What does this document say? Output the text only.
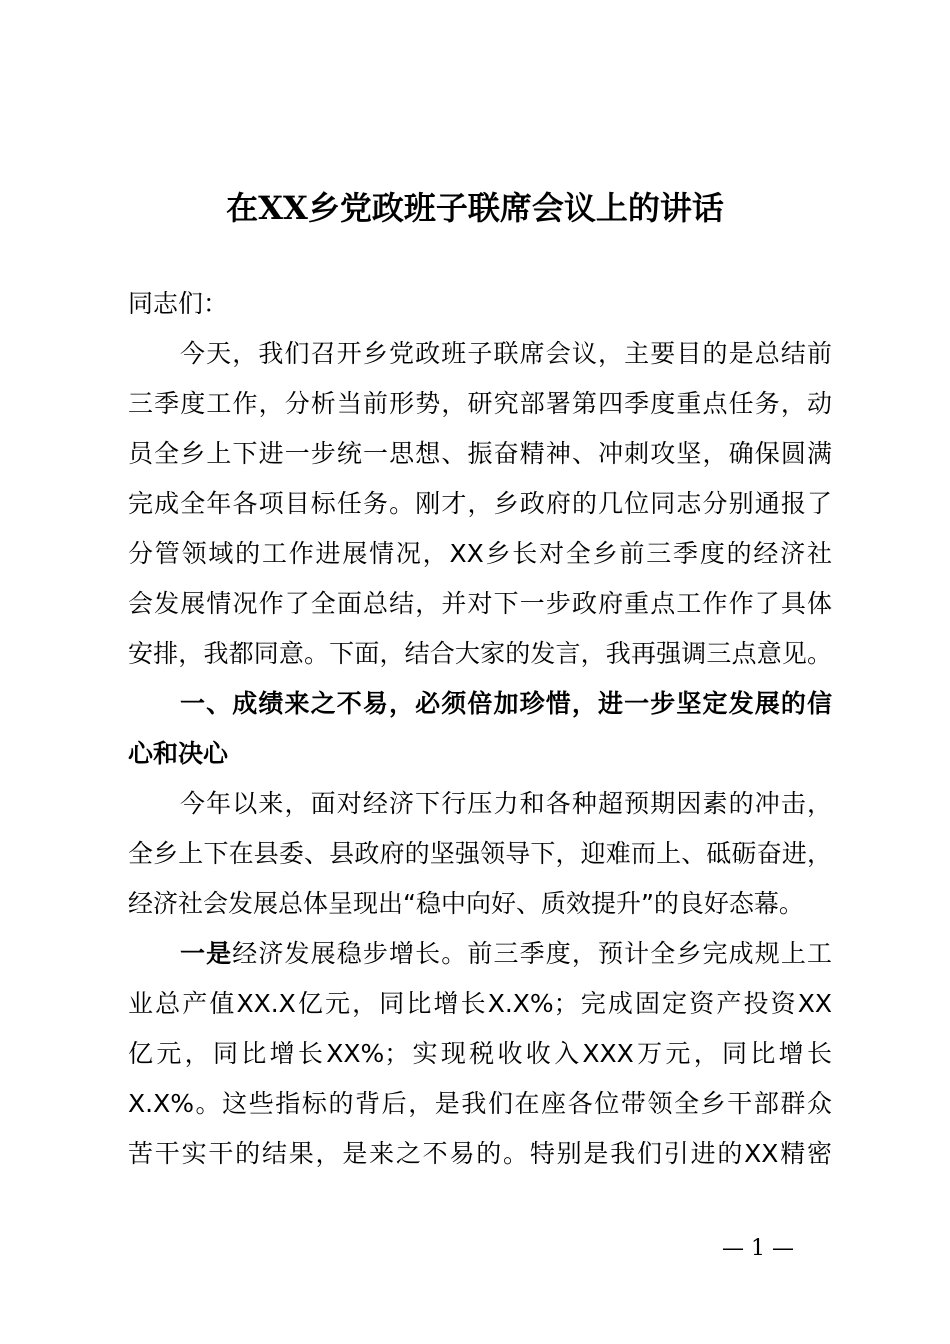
在XX乡党政班子联席会议上的讲话
同志们：
今天，我们召开乡党政班子联席会议，主要目的是总结前
三季度工作，分析当前形势，研究部署第四季度重点任务，动
员全乡上下进一步统一思想、振奋精神、冲刺攻坚，确保圆满
完成全年各项目标任务。刚才，乡政府的几位同志分别通报了
分管领域的工作进展情况，XX乡长对全乡前三季度的经济社
会发展情况作了全面总结，并对下一步政府重点工作作了具体
安排，我都同意。下面，结合大家的发言，我再强调三点意见。
一、成绩来之不易，必须倍加珍惜，进一步坚定发展的信
心和决心
今年以来，面对经济下行压力和各种超预期因素的冲击，
全乡上下在县委、县政府的坚强领导下，迎难而上、砥砺奋进，
经济社会发展总体呈现出“稳中向好、质效提升”的良好态幕。
一是经济发展稳步增长。前三季度，预计全乡完成规上工
业总产值XX.X亿元，同比增长X.X%；完成固定资产投资XX
亿元，同比增长XX%；实现税收收入XXX万元，同比增长
X.X%。这些指标的背后，是我们在座各位带领全乡干部群众
苦干实干的结果，是来之不易的。特别是我们引进的XX精密
— 1 —
